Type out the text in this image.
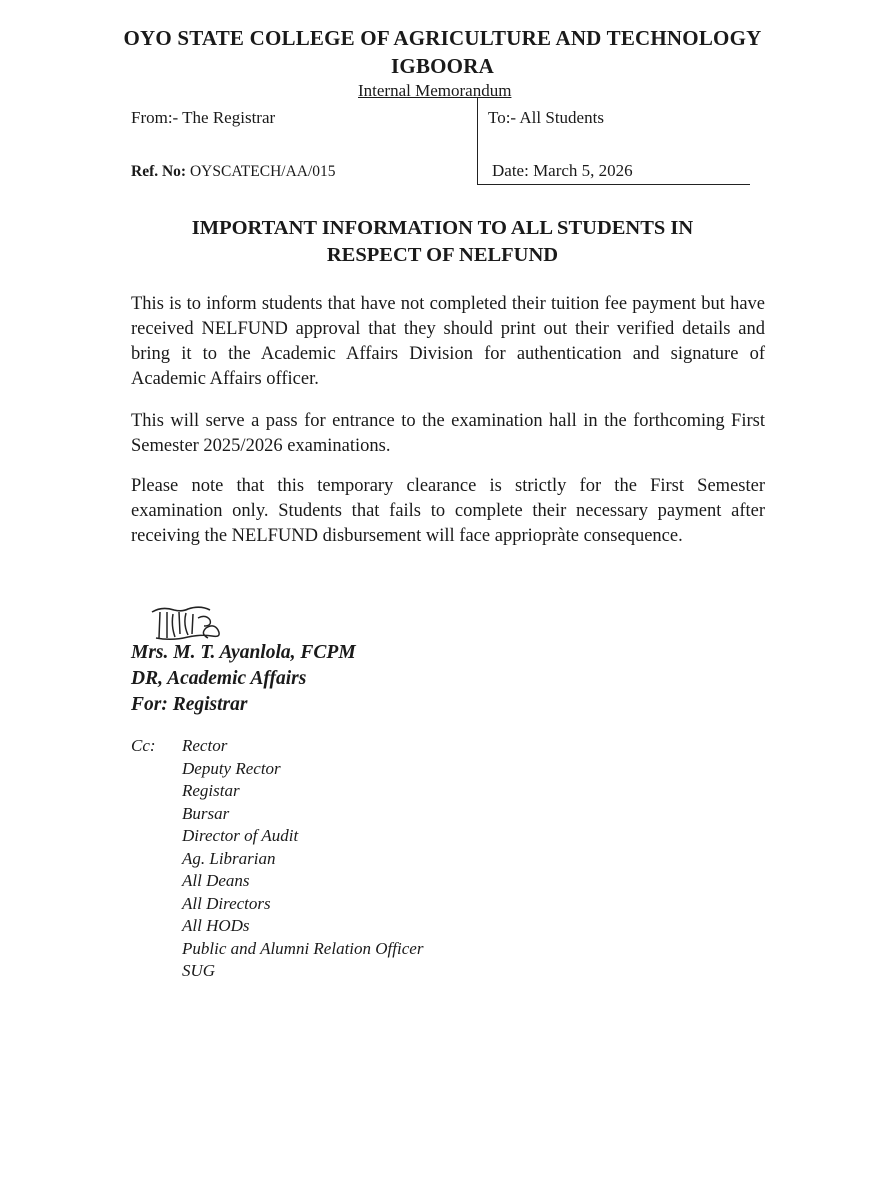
OYO STATE COLLEGE OF AGRICULTURE AND TECHNOLOGY
IGBOORA
Internal Memorandum
From:- The Registrar	To:- All Students
Ref. No: OYSCATECH/AA/015	Date: March 5, 2026
IMPORTANT INFORMATION TO ALL STUDENTS IN
RESPECT OF NELFUND

This is to inform students that have not completed their tuition fee payment but have received NELFUND approval that they should print out their verified details and bring it to the Academic Affairs Division for authentication and signature of Academic Affairs officer.

This will serve a pass for entrance to the examination hall in the forthcoming First Semester 2025/2026 examinations.

Please note that this temporary clearance is strictly for the First Semester examination only. Students that fails to complete their necessary payment after receiving the NELFUND disbursement will face appriopràte consequence.

Mrs. M. T. Ayanlola, FCPM
DR, Academic Affairs
For: Registrar
Cc: Rector
Deputy Rector
Registar
Bursar
Director of Audit
Ag. Librarian
All Deans
All Directors
All HODs
Public and Alumni Relation Officer
SUG
